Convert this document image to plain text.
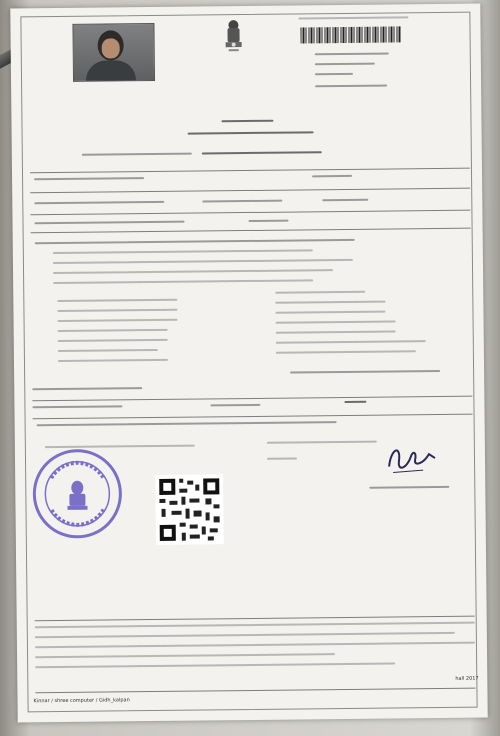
hall 2017
Kinnar / shree computer / Gidh_kalpan
